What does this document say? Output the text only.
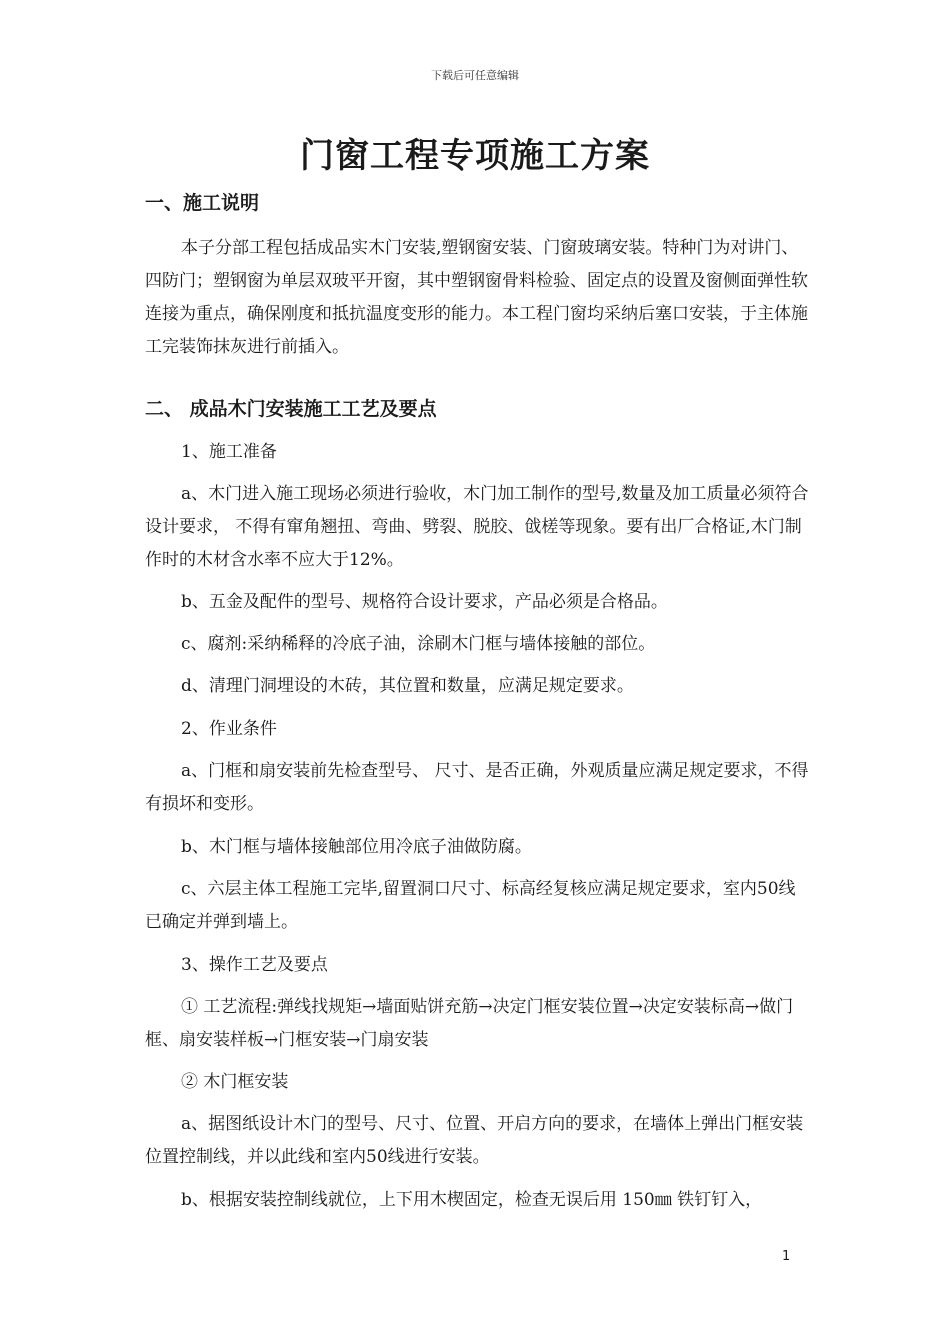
下载后可任意编辑
门窗工程专项施工方案
一、施工说明
本子分部工程包括成品实木门安装,塑钢窗安装、门窗玻璃安装。特种门为对讲门、四防门；塑钢窗为单层双玻平开窗，其中塑钢窗骨料检验、固定点的设置及窗侧面弹性软连接为重点，确保刚度和抵抗温度变形的能力。本工程门窗均采纳后塞口安装，于主体施工完装饰抹灰进行前插入。
二、 成品木门安装施工工艺及要点
1、施工准备
a、木门进入施工现场必须进行验收，木门加工制作的型号,数量及加工质量必须符合设计要求， 不得有窜角翘扭、弯曲、劈裂、脱胶、戗槎等现象。要有出厂合格证,木门制作时的木材含水率不应大于12%。
b、五金及配件的型号、规格符合设计要求，产品必须是合格品。
c、腐剂:采纳稀释的冷底子油，涂刷木门框与墙体接触的部位。
d、清理门洞埋设的木砖，其位置和数量，应满足规定要求。
2、作业条件
a、门框和扇安装前先检查型号、 尺寸、是否正确，外观质量应满足规定要求，不得有损坏和变形。
b、木门框与墙体接触部位用冷底子油做防腐。
c、六层主体工程施工完毕,留置洞口尺寸、标高经复核应满足规定要求，室内50线已确定并弹到墙上。
3、操作工艺及要点
① 工艺流程:弹线找规矩→墙面贴饼充筋→决定门框安装位置→决定安装标高→做门框、扇安装样板→门框安装→门扇安装
② 木门框安装
a、据图纸设计木门的型号、尺寸、位置、开启方向的要求，在墙体上弹出门框安装位置控制线，并以此线和室内50线进行安装。
b、根据安装控制线就位，上下用木楔固定，检查无误后用 150㎜ 铁钉钉入，
1
